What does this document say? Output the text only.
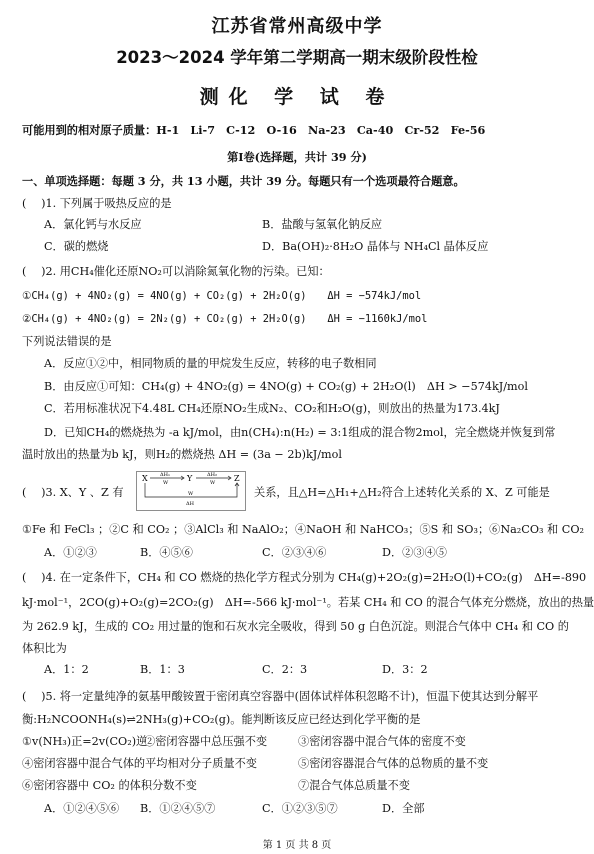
江苏省常州高级中学
2023～2024 学年第二学期高一期末级阶段性检
测化 学 试 卷
可能用到的相对原子质量：H-1　Li-7　C-12　O-16　Na-23　Ca-40　Cr-52　Fe-56
第Ⅰ卷(选择题，共计 39 分)
一、单项选择题：每题 3 分，共 13 小题，共计 39 分。每题只有一个选项最符合题意。
(　 )1. 下列属于吸热反应的是
A．氯化钙与水反应	B．盐酸与氢氧化钠反应
C．碳的燃烧	D．Ba(OH)₂·8H₂O 晶体与 NH₄Cl 晶体反应
(　 )2. 用CH₄催化还原NO₂可以消除氮氧化物的污染。已知：
①CH₄(g) + 4NO₂(g) = 4NO(g) + CO₂(g) + 2H₂O(g)　　ΔH = −574kJ/mol
②CH₄(g) + 4NO₂(g) = 2N₂(g) + CO₂(g) + 2H₂O(g)　　ΔH = −1160kJ/mol
下列说法错误的是
A．反应①②中，相同物质的量的甲烷发生反应，转移的电子数相同
B．由反应①可知：CH₄(g) + 4NO₂(g) = 4NO(g) + CO₂(g) + 2H₂O(l)　ΔH > −574kJ/mol
C．若用标准状况下4.48L CH₄还原NO₂生成N₂、CO₂和H₂O(g)，则放出的热量为173.4kJ
D．已知CH₄的燃烧热为 -a kJ/mol，由n(CH₄):n(H₂) = 3:1组成的混合物2mol，完全燃烧并恢复到常
温时放出的热量为b kJ，则H₂的燃烧热 ΔH = (3a − 2b)kJ/mol
(　 )3. X、Y 、Z 有
X	Y	Z
ΔH₁
W
ΔH₂
W
W
ΔH
关系，且△H=△H₁+△H₂符合上述转化关系的 X、Z 可能是
①Fe 和 FeCl₃ ；②C 和 CO₂ ；③AlCl₃ 和 NaAlO₂；④NaOH 和 NaHCO₃；⑤S 和 SO₃；⑥Na₂CO₃ 和 CO₂
A．①②③	B．④⑤⑥	C．②③④⑥	D．②③④⑤
(　 )4. 在一定条件下，CH₄ 和 CO 燃烧的热化学方程式分别为 CH₄(g)+2O₂(g)=2H₂O(l)+CO₂(g)　ΔH=-890
kJ·mol⁻¹，2CO(g)+O₂(g)=2CO₂(g)　ΔH=-566 kJ·mol⁻¹。若某 CH₄ 和 CO 的混合气体充分燃烧，放出的热量
为 262.9 kJ，生成的 CO₂ 用过量的饱和石灰水完全吸收，得到 50 g 白色沉淀。则混合气体中 CH₄ 和 CO 的
体积比为
A．1：2	B．1：3	C．2：3	D．3：2
(　 )5. 将一定量纯净的氨基甲酸铵置于密闭真空容器中(固体试样体积忽略不计)，恒温下使其达到分解平
衡:H₂NCOONH₄(s)⇌2NH₃(g)+CO₂(g)。能判断该反应已经达到化学平衡的是
①v(NH₃)正=2v(CO₂)逆
②密闭容器中总压强不变	③密闭容器中混合气体的密度不变
④密闭容器中混合气体的平均相对分子质量不变	⑤密闭容器混合气体的总物质的量不变
⑥密闭容器中 CO₂ 的体积分数不变	⑦混合气体总质量不变
A．①②④⑤⑥ B．①②④⑤⑦	C．①②③⑤⑦	D．全部
第 1 页 共 8 页
